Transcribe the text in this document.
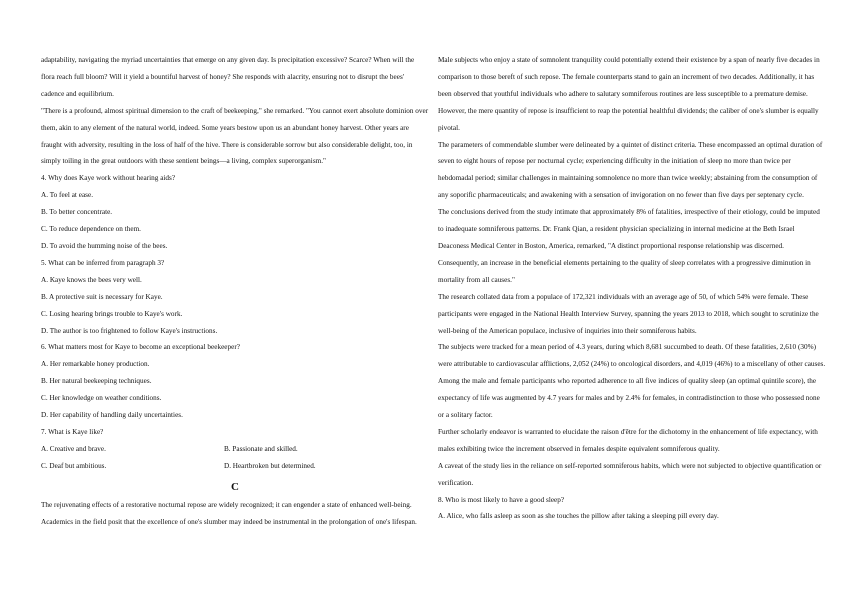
adaptability, navigating the myriad uncertainties that emerge on any given day. Is precipitation excessive? Scarce? When will the flora reach full bloom? Will it yield a bountiful harvest of honey? She responds with alacrity, ensuring not to disrupt the bees' cadence and equilibrium.

"There is a profound, almost spiritual dimension to the craft of beekeeping," she remarked. "You cannot exert absolute dominion over them, akin to any element of the natural world, indeed. Some years bestow upon us an abundant honey harvest. Other years are fraught with adversity, resulting in the loss of half of the hive. There is considerable sorrow but also considerable delight, too, in simply toiling in the great outdoors with these sentient beings—a living, complex superorganism."

4. Why does Kaye work without hearing aids?
A. To feel at ease.
B. To better concentrate.
C. To reduce dependence on them.
D. To avoid the humming noise of the bees.
5. What can be inferred from paragraph 3?
A. Kaye knows the bees very well.
B. A protective suit is necessary for Kaye.
C. Losing hearing brings trouble to Kaye's work.
D. The author is too frightened to follow Kaye's instructions.
6. What matters most for Kaye to become an exceptional beekeeper?
A. Her remarkable honey production.
B. Her natural beekeeping techniques.
C. Her knowledge on weather conditions.
D. Her capability of handling daily uncertainties.
7. What is Kaye like?
A. Creative and brave.	B. Passionate and skilled.
C. Deaf but ambitious.	D. Heartbroken but determined.
C

The rejuvenating effects of a restorative nocturnal repose are widely recognized; it can engender a state of enhanced well-being. Academics in the field posit that the excellence of one's slumber may indeed be instrumental in the prolongation of one's lifespan.

Male subjects who enjoy a state of somnolent tranquility could potentially extend their existence by a span of nearly five decades in comparison to those bereft of such repose. The female counterparts stand to gain an increment of two decades. Additionally, it has been observed that youthful individuals who adhere to salutary somniferous routines are less susceptible to a premature demise. However, the mere quantity of repose is insufficient to reap the potential healthful dividends; the caliber of one's slumber is equally pivotal.

The parameters of commendable slumber were delineated by a quintet of distinct criteria. These encompassed an optimal duration of seven to eight hours of repose per nocturnal cycle; experiencing difficulty in the initiation of sleep no more than twice per hebdomadal period; similar challenges in maintaining somnolence no more than twice weekly; abstaining from the consumption of any soporific pharmaceuticals; and awakening with a sensation of invigoration on no fewer than five days per septenary cycle.

The conclusions derived from the study intimate that approximately 8% of fatalities, irrespective of their etiology, could be imputed to inadequate somniferous patterns. Dr. Frank Qian, a resident physician specializing in internal medicine at the Beth Israel Deaconess Medical Center in Boston, America, remarked, "A distinct proportional response relationship was discerned. Consequently, an increase in the beneficial elements pertaining to the quality of sleep correlates with a progressive diminution in mortality from all causes."

The research collated data from a populace of 172,321 individuals with an average age of 50, of which 54% were female. These participants were engaged in the National Health Interview Survey, spanning the years 2013 to 2018, which sought to scrutinize the well-being of the American populace, inclusive of inquiries into their somniferous habits.

The subjects were tracked for a mean period of 4.3 years, during which 8,681 succumbed to death. Of these fatalities, 2,610 (30%) were attributable to cardiovascular afflictions, 2,052 (24%) to oncological disorders, and 4,019 (46%) to a miscellany of other causes. Among the male and female participants who reported adherence to all five indices of quality sleep (an optimal quintile score), the expectancy of life was augmented by 4.7 years for males and by 2.4% for females, in contradistinction to those who possessed none or a solitary factor.

Further scholarly endeavor is warranted to elucidate the raison d'être for the dichotomy in the enhancement of life expectancy, with males exhibiting twice the increment observed in females despite equivalent somniferous quality.

A caveat of the study lies in the reliance on self-reported somniferous habits, which were not subjected to objective quantification or verification.

8. Who is most likely to have a good sleep?
A. Alice, who falls asleep as soon as she touches the pillow after taking a sleeping pill every day.
